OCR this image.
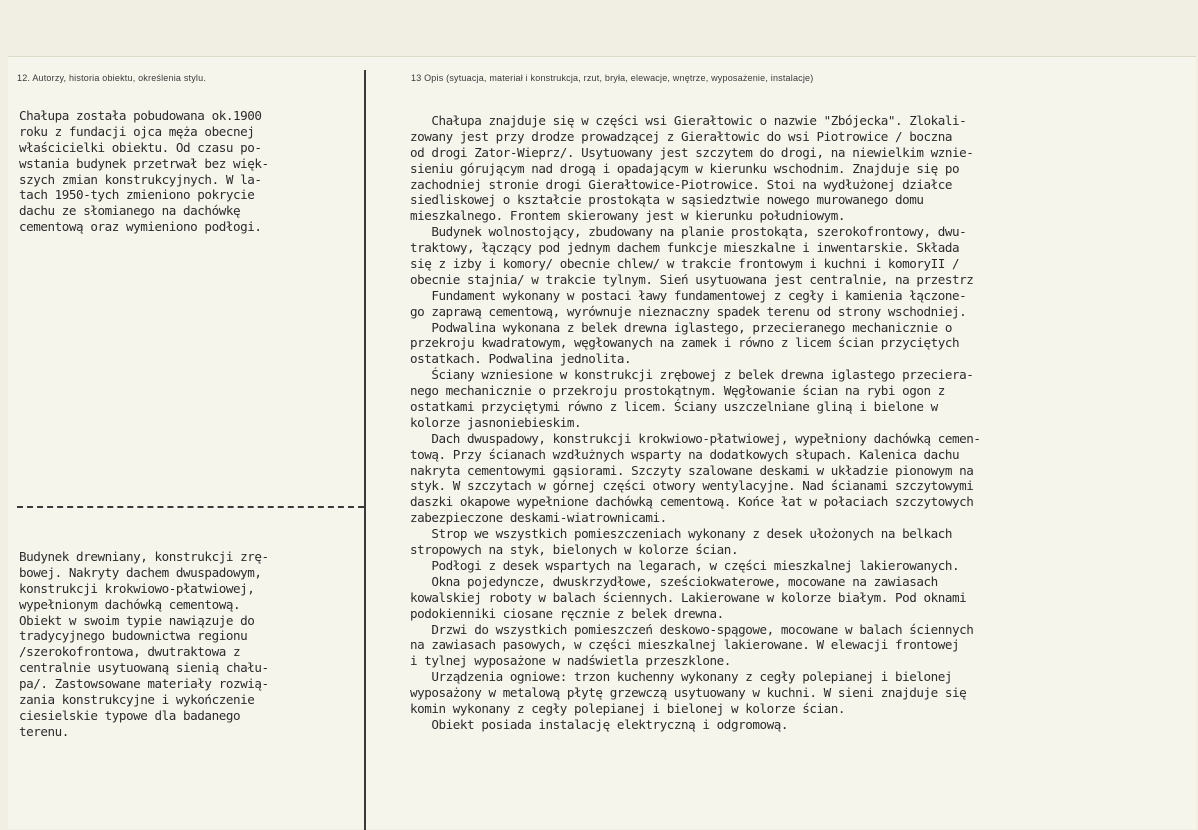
12. Autorzy, historia obiektu, określenia stylu.	13 Opis (sytuacja, materiał i konstrukcja, rzut, bryła, elewacje, wnętrze, wyposażenie, instalacje)
Chałupa została pobudowana ok.1900
roku z fundacji ojca męża obecnej
właścicielki obiektu. Od czasu po-
wstania budynek przetrwał bez więk-
szych zmian konstrukcyjnych. W la-
tach 1950-tych zmieniono pokrycie
dachu ze słomianego na dachówkę
cementową oraz wymieniono podłogi.
Budynek drewniany, konstrukcji zrę-
bowej. Nakryty dachem dwuspadowym,
konstrukcji krokwiowo-płatwiowej,
wypełnionym dachówką cementową.
Obiekt w swoim typie nawiązuje do
tradycyjnego budownictwa regionu
/szerokofrontowa, dwutraktowa z
centralnie usytuowaną sienią chału-
pa/. Zastowsowane materiały rozwią-
zania konstrukcyjne i wykończenie
ciesielskie typowe dla badanego
terenu.
Chałupa znajduje się w części wsi Gierałtowic o nazwie "Zbójecka". Zlokali-
zowany jest przy drodze prowadzącej z Gierałtowic do wsi Piotrowice / boczna
od drogi Zator-Wieprz/. Usytuowany jest szczytem do drogi, na niewielkim wznie-
sieniu górującym nad drogą i opadającym w kierunku wschodnim. Znajduje się po
zachodniej stronie drogi Gierałtowice-Piotrowice. Stoi na wydłużonej działce
siedliskowej o kształcie prostokąta w sąsiedztwie nowego murowanego domu
mieszkalnego. Frontem skierowany jest w kierunku południowym.
Budynek wolnostojący, zbudowany na planie prostokąta, szerokofrontowy, dwu-
traktowy, łączący pod jednym dachem funkcje mieszkalne i inwentarskie. Składa
się z izby i komory/ obecnie chlew/ w trakcie frontowym i kuchni i komoryII /
obecnie stajnia/ w trakcie tylnym. Sień usytuowana jest centralnie, na przestrz
Fundament wykonany w postaci ławy fundamentowej z cegły i kamienia łączone-
go zaprawą cementową, wyrównuje nieznaczny spadek terenu od strony wschodniej.
Podwalina wykonana z belek drewna iglastego, przecieranego mechanicznie o
przekroju kwadratowym, węgłowanych na zamek i równo z licem ścian przyciętych
ostatkach. Podwalina jednolita.
Ściany wzniesione w konstrukcji zrębowej z belek drewna iglastego przeciera-
nego mechanicznie o przekroju prostokątnym. Węgłowanie ścian na rybi ogon z
ostatkami przyciętymi równo z licem. Ściany uszczelniane gliną i bielone w
kolorze jasnoniebieskim.
Dach dwuspadowy, konstrukcji krokwiowo-płatwiowej, wypełniony dachówką cemen-
tową. Przy ścianach wzdłużnych wsparty na dodatkowych słupach. Kalenica dachu
nakryta cementowymi gąsiorami. Szczyty szalowane deskami w układzie pionowym na
styk. W szczytach w górnej części otwory wentylacyjne. Nad ścianami szczytowymi
daszki okapowe wypełnione dachówką cementową. Końce łat w połaciach szczytowych
zabezpieczone deskami-wiatrownicami.
Strop we wszystkich pomieszczeniach wykonany z desek ułożonych na belkach
stropowych na styk, bielonych w kolorze ścian.
Podłogi z desek wspartych na legarach, w części mieszkalnej lakierowanych.
Okna pojedyncze, dwuskrzydłowe, sześciokwaterowe, mocowane na zawiasach
kowalskiej roboty w balach ściennych. Lakierowane w kolorze białym. Pod oknami
podokienniki ciosane ręcznie z belek drewna.
Drzwi do wszystkich pomieszczeń deskowo-spągowe, mocowane w balach ściennych
na zawiasach pasowych, w części mieszkalnej lakierowane. W elewacji frontowej
i tylnej wyposażone w nadświetla przeszklone.
Urządzenia ogniowe: trzon kuchenny wykonany z cegły polepianej i bielonej
wyposażony w metalową płytę grzewczą usytuowany w kuchni. W sieni znajduje się
komin wykonany z cegły polepianej i bielonej w kolorze ścian.
Obiekt posiada instalację elektryczną i odgromową.
